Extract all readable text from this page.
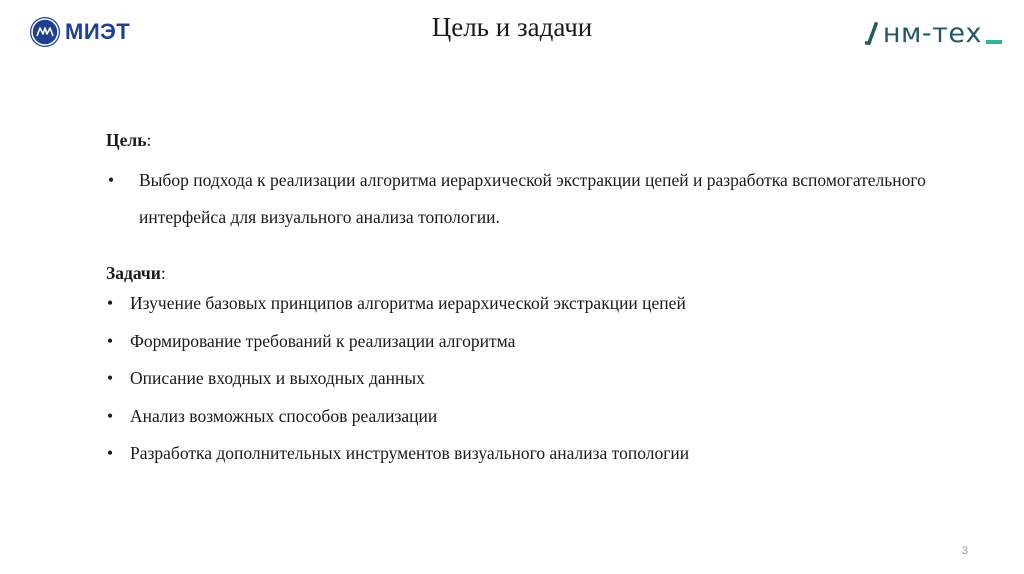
МИЭТ	Цель и задачи	нм-тех

Цель:

• Выбор подхода к реализации алгоритма иерархической экстракции цепей и разработка вспомогательного интерфейса для визуального анализа топологии.

Задачи:

• Изучение базовых принципов алгоритма иерархической экстракции цепей
• Формирование требований к реализации алгоритма
• Описание входных и выходных данных
• Анализ возможных способов реализации
• Разработка дополнительных инструментов визуального анализа топологии
3
